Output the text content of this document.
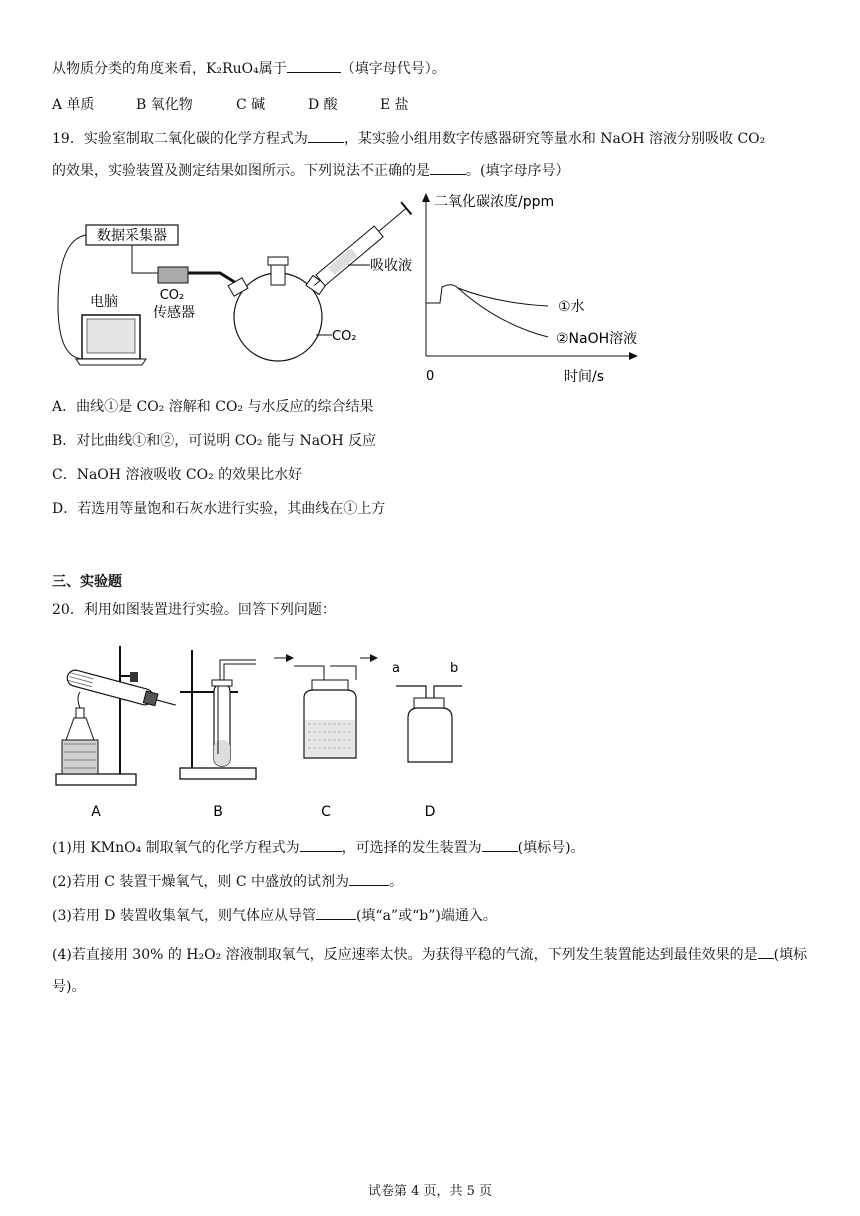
从物质分类的角度来看，K₂RuO₄属于	（填字母代号）。
A 单质	B 氧化物	C 碱	D 酸	E 盐
19．实验室制取二氧化碳的化学方程式为	，某实验小组用数字传感器研究等量水和 NaOH 溶液分别吸收 CO₂
的效果，实验装置及测定结果如图所示。下列说法不正确的是	。(填字母序号）
数据采集器
电脑	CO₂
传感器
吸收液
CO₂
二氧化碳浓度/ppm
0	时间/s
①水
②NaOH溶液
A．曲线①是 CO₂ 溶解和 CO₂ 与水反应的综合结果
B．对比曲线①和②，可说明 CO₂ 能与 NaOH 反应
C．NaOH 溶液吸收 CO₂ 的效果比水好
D．若选用等量饱和石灰水进行实验，其曲线在①上方
三、实验题
20．利用如图装置进行实验。回答下列问题：
a	b
A	B	C	D
(1)用 KMnO₄ 制取氧气的化学方程式为	，可选择的发生装置为	(填标号)。
(2)若用 C 装置干燥氧气，则 C 中盛放的试剂为	。
(3)若用 D 装置收集氧气，则气体应从导管	(填“a”或“b”)端通入。
(4)若直接用 30% 的 H₂O₂ 溶液制取氧气，反应速率太快。为获得平稳的气流，下列发生装置能达到最佳效果的是 (填标号)。
试卷第 4 页，共 5 页
